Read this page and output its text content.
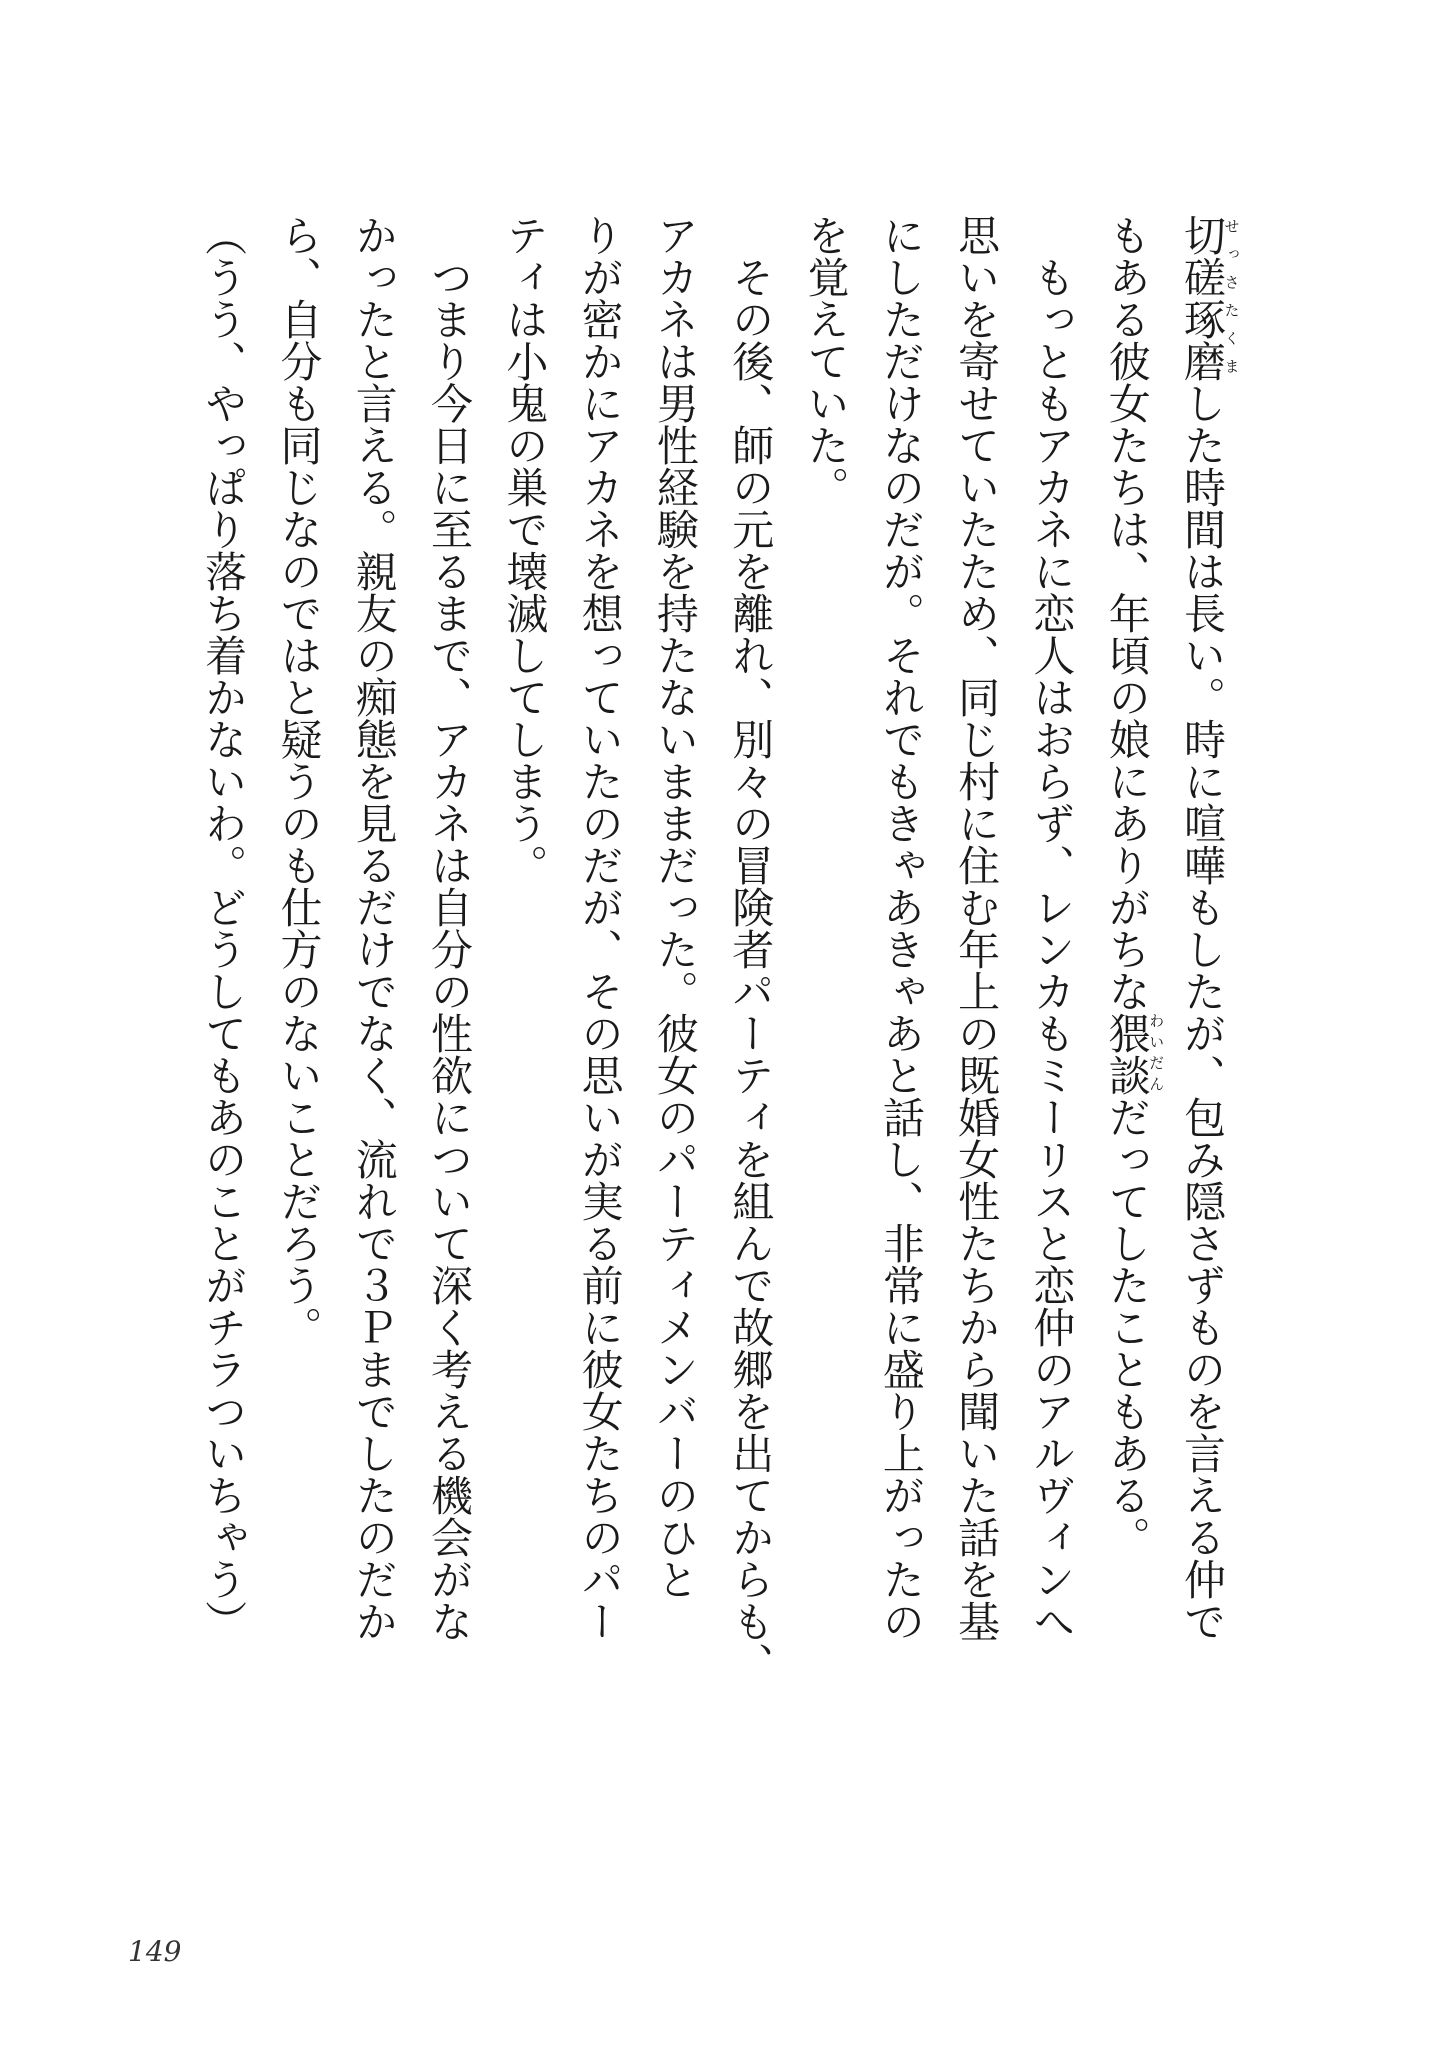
切磋琢磨せっさたくました時間は長い。時に喧嘩もしたが、包み隠さずものを言える仲で
もある彼女たちは、年頃の娘にありがちな猥談わいだんだってしたこともある。
　もっともアカネに恋人はおらず、レンカもミーリスと恋仲のアルヴィンへ
思いを寄せていたため、同じ村に住む年上の既婚女性たちから聞いた話を基
にしただけなのだが。それでもきゃあきゃあと話し、非常に盛り上がったの
を覚えていた。
　その後、師の元を離れ、別々の冒険者パーティを組んで故郷を出てからも、
アカネは男性経験を持たないままだった。彼女のパーティメンバーのひと
りが密かにアカネを想っていたのだが、その思いが実る前に彼女たちのパー
ティは小鬼の巣で壊滅してしまう。
　つまり今日に至るまで、アカネは自分の性欲について深く考える機会がな
かったと言える。親友の痴態を見るだけでなく、流れで３Ｐまでしたのだか
ら、自分も同じなのではと疑うのも仕方のないことだろう。
（うう、やっぱり落ち着かないわ。どうしてもあのことがチラついちゃう）
149
